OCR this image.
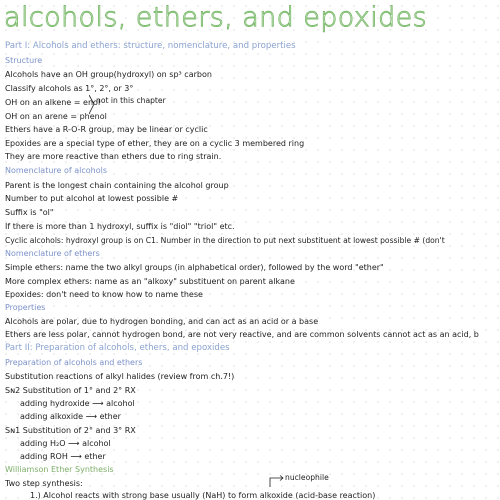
alcohols, ethers, and epoxides
Part I: Alcohols and ethers: structure, nomenclature, and properties
Structure
Alcohols have an OH group(hydroxyl) on sp³ carbon
Classify alcohols as 1°, 2°, or 3°
OH on an alkene = enol
not in this chapter
OH on an arene = phenol
Ethers have a R-O-R group, may be linear or cyclic
Epoxides are a special type of ether, they are on a cyclic 3 membered ring
They are more reactive than ethers due to ring strain.
Nomenclature of alcohols
Parent is the longest chain containing the alcohol group
Number to put alcohol at lowest possible #
Suffix is "ol"
If there is more than 1 hydroxyl, suffix is "diol" "triol" etc.
Cyclic alcohols: hydroxyl group is on C1. Number in the direction to put next substituent at lowest possible # (don't
Nomenclature of ethers
Simple ethers: name the two alkyl groups (in alphabetical order), followed by the word "ether"
More complex ethers: name as an "alkoxy" substituent on parent alkane
Epoxides: don't need to know how to name these
Properties
Alcohols are polar, due to hydrogen bonding, and can act as an acid or a base
Ethers are less polar, cannot hydrogen bond, are not very reactive, and are common solvents cannot act as an acid, b
Part II: Preparation of alcohols, ethers, and epoxides
Preparation of alcohols and ethers
Substitution reactions of alkyl halides (review from ch.7!)
Sɴ2 Substitution of 1° and 2° RX
adding hydroxide ⟶ alcohol
adding alkoxide ⟶ ether
Sɴ1 Substitution of 2° and 3° RX
adding H₂O ⟶ alcohol
adding ROH ⟶ ether
Williamson Ether Synthesis
nucleophile
Two step synthesis:
1.) Alcohol reacts with strong base usually (NaH) to form alkoxide (acid-base reaction)
